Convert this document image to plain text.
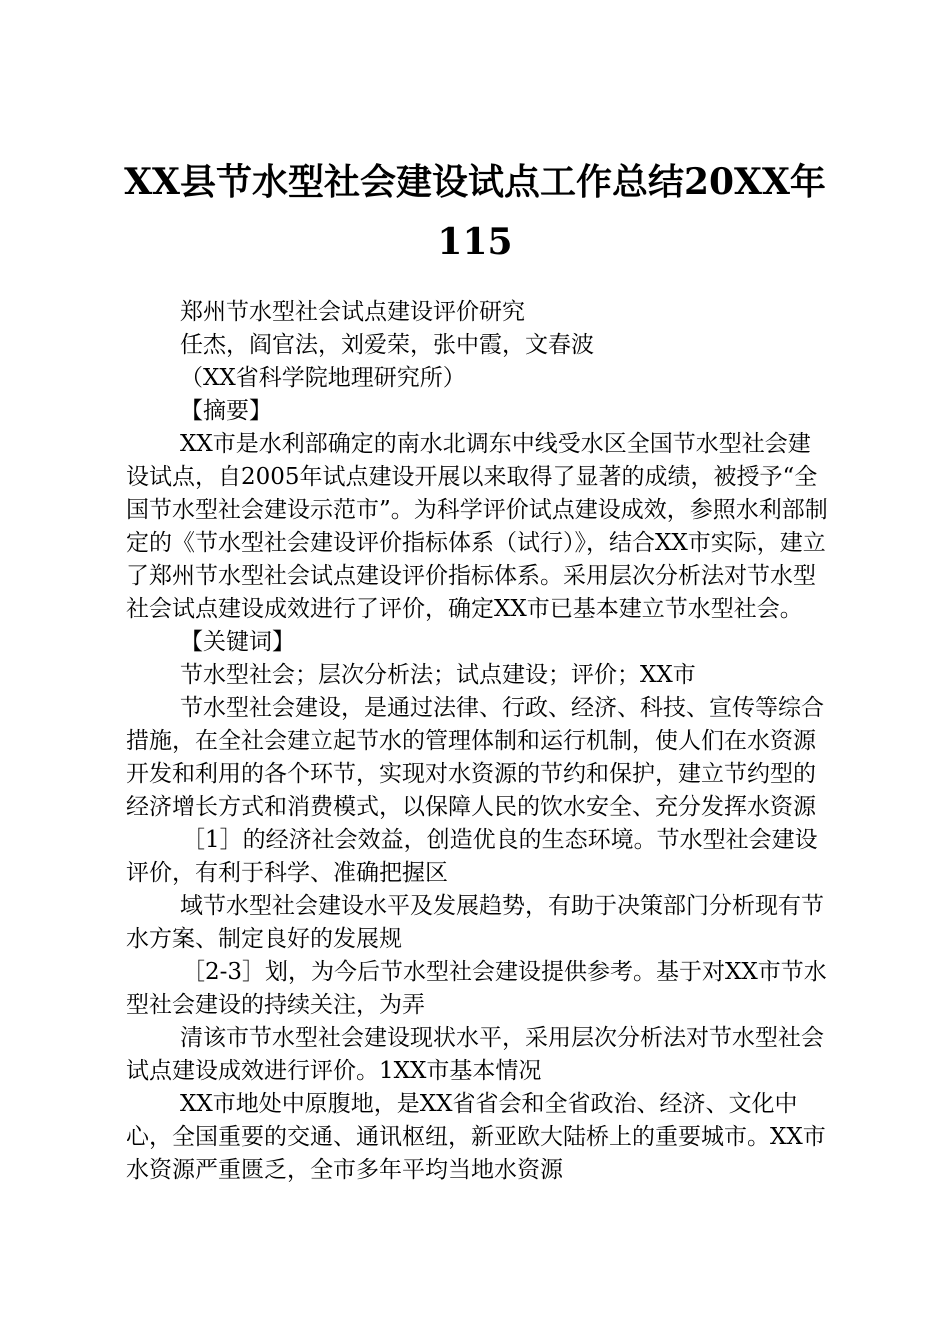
XX县节水型社会建设试点工作总结20XX年
115

郑州节水型社会试点建设评价研究

任杰，阎官法，刘爱荣，张中霞，文春波

（XX省科学院地理研究所）

【摘要】

XX市是水利部确定的南水北调东中线受水区全国节水型社会建设试点，自2005年试点建设开展以来取得了显著的成绩，被授予“全国节水型社会建设示范市”。为科学评价试点建设成效，参照水利部制定的《节水型社会建设评价指标体系（试行）》，结合XX市实际，建立了郑州节水型社会试点建设评价指标体系。采用层次分析法对节水型社会试点建设成效进行了评价，确定XX市已基本建立节水型社会。

【关键词】

节水型社会；层次分析法；试点建设；评价；XX市

节水型社会建设，是通过法律、行政、经济、科技、宣传等综合措施，在全社会建立起节水的管理体制和运行机制，使人们在水资源开发和利用的各个环节，实现对水资源的节约和保护，建立节约型的经济增长方式和消费模式，以保障人民的饮水安全、充分发挥水资源

［1］的经济社会效益，创造优良的生态环境。节水型社会建设评价，有利于科学、准确把握区

域节水型社会建设水平及发展趋势，有助于决策部门分析现有节水方案、制定良好的发展规

［2-3］划，为今后节水型社会建设提供参考。基于对XX市节水型社会建设的持续关注，为弄

清该市节水型社会建设现状水平，采用层次分析法对节水型社会试点建设成效进行评价。1XX市基本情况

XX市地处中原腹地，是XX省省会和全省政治、经济、文化中心，全国重要的交通、通讯枢纽，新亚欧大陆桥上的重要城市。XX市水资源严重匮乏，全市多年平均当地水资源
